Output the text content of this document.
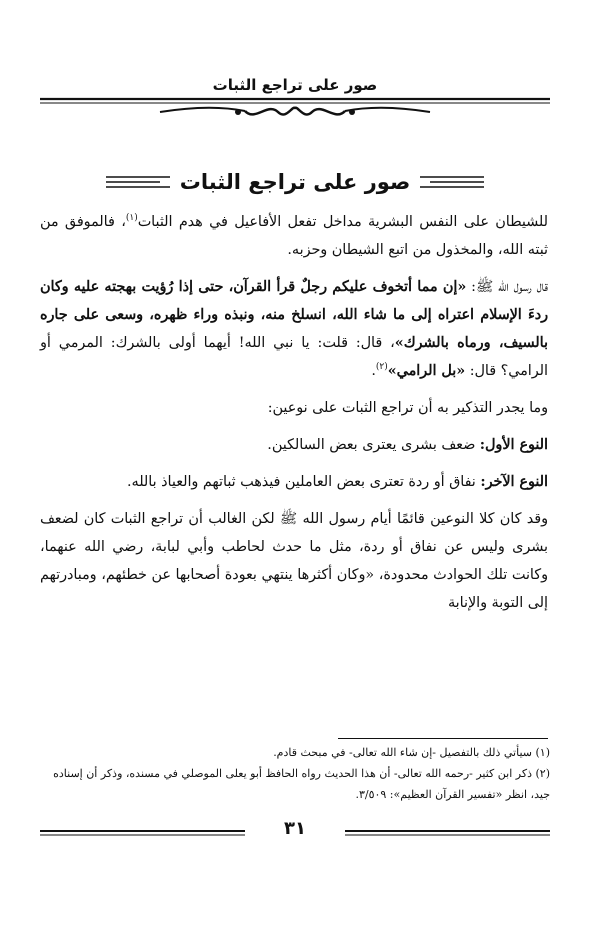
صور على تراجع الثبات
صور على تراجع الثبات

للشيطان على النفس البشرية مداخل تفعل الأفاعيل في هدم الثبات$^{(١)}$، فالموفق من ثبته الله، والمخذول من اتبع الشيطان وحزبه.

قال رسول الله ﷺ: «إن مما أتخوف عليكم رجلٌ قرأ القرآن، حتى إذا رُؤيت بهجته عليه وكان ردءَ الإسلام اعتراه إلى ما شاء الله، انسلخ منه، ونبذه وراء ظهره، وسعى على جاره بالسيف، ورماه بالشرك»، قال: قلت: يا نبي الله! أيهما أولى بالشرك: المرمي أو الرامي؟ قال: «بل الرامي»$^{(٢)}$.

وما يجدر التذكير به أن تراجع الثبات على نوعين:

النوع الأول: ضعف بشرى يعترى بعض السالكين.

النوع الآخر: نفاق أو ردة تعترى بعض العاملين فيذهب ثباتهم والعياذ بالله.

وقد كان كلا النوعين قائمًا أيام رسول الله ﷺ لكن الغالب أن تراجع الثبات كان لضعف بشرى وليس عن نفاق أو ردة، مثل ما حدث لحاطب وأبي لبابة، رضي الله عنهما، وكانت تلك الحوادث محدودة، «وكان أكثرها ينتهي بعودة أصحابها عن خطئهم، ومبادرتهم إلى التوبة والإنابة

(١) سيأتي ذلك بالتفصيل -إن شاء الله تعالى- في مبحث قادم.

(٢) ذكر ابن كثير -رحمه الله تعالى- أن هذا الحديث رواه الحافظ أبو يعلى الموصلي في مسنده، وذكر أن إسناده جيد، انظر «تفسير القرآن العظيم»: ٣/٥٠٩.

٣١
